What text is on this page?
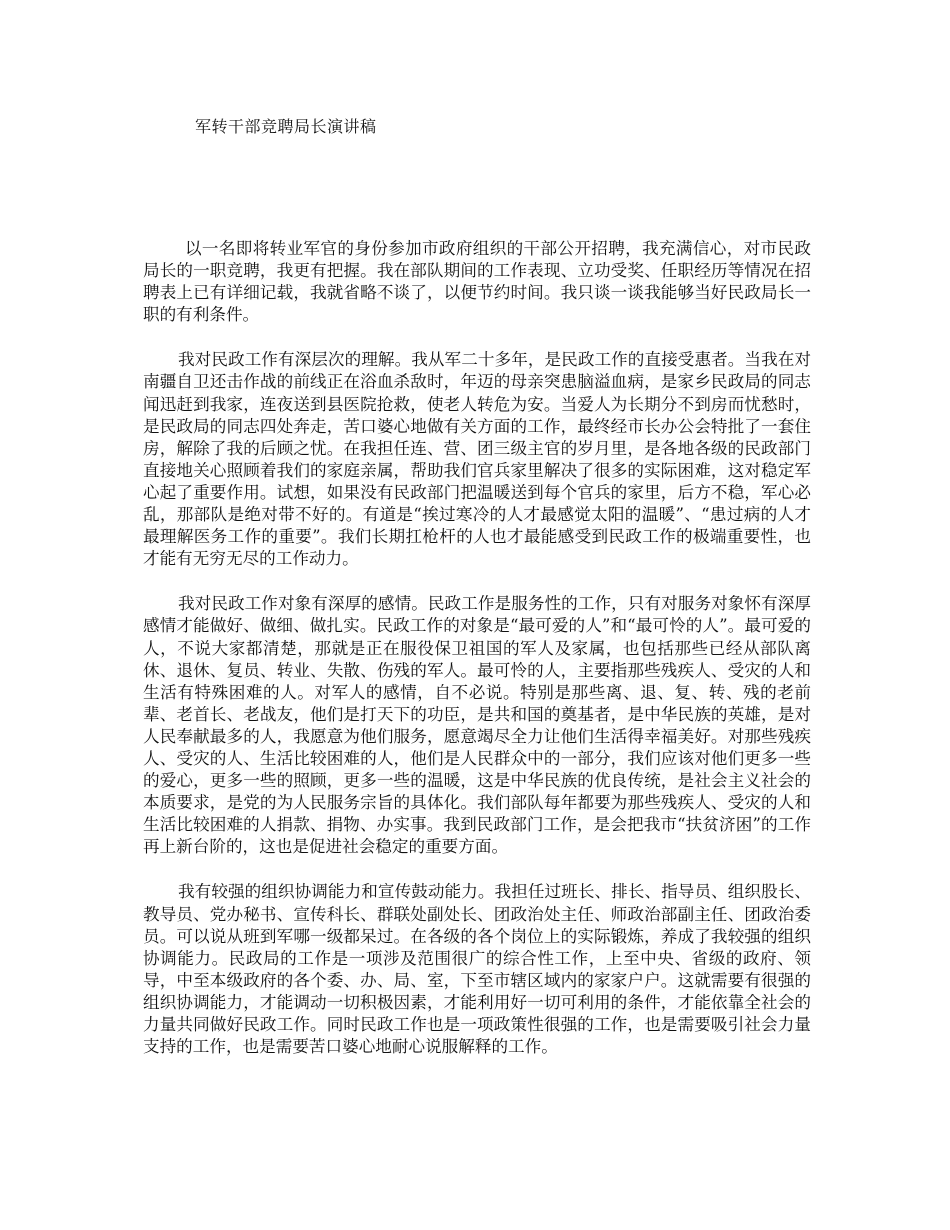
军转干部竞聘局长演讲稿

以一名即将转业军官的身份参加市政府组织的干部公开招聘，我充满信心，对市民政局长的一职竞聘，我更有把握。我在部队期间的工作表现、立功受奖、任职经历等情况在招聘表上已有详细记载，我就省略不谈了，以便节约时间。我只谈一谈我能够当好民政局长一职的有利条件。

我对民政工作有深层次的理解。我从军二十多年，是民政工作的直接受惠者。当我在对南疆自卫还击作战的前线正在浴血杀敌时，年迈的母亲突患脑溢血病，是家乡民政局的同志闻迅赶到我家，连夜送到县医院抢救，使老人转危为安。当爱人为长期分不到房而忧愁时，是民政局的同志四处奔走，苦口婆心地做有关方面的工作，最终经市长办公会特批了一套住房，解除了我的后顾之忧。在我担任连、营、团三级主官的岁月里，是各地各级的民政部门直接地关心照顾着我们的家庭亲属，帮助我们官兵家里解决了很多的实际困难，这对稳定军心起了重要作用。试想，如果没有民政部门把温暖送到每个官兵的家里，后方不稳，军心必乱，那部队是绝对带不好的。有道是“挨过寒冷的人才最感觉太阳的温暖”、“患过病的人才最理解医务工作的重要”。我们长期扛枪杆的人也才最能感受到民政工作的极端重要性，也才能有无穷无尽的工作动力。

我对民政工作对象有深厚的感情。民政工作是服务性的工作，只有对服务对象怀有深厚感情才能做好、做细、做扎实。民政工作的对象是“最可爱的人”和“最可怜的人”。最可爱的人，不说大家都清楚，那就是正在服役保卫祖国的军人及家属，也包括那些已经从部队离休、退休、复员、转业、失散、伤残的军人。最可怜的人，主要指那些残疾人、受灾的人和生活有特殊困难的人。对军人的感情，自不必说。特别是那些离、退、复、转、残的老前辈、老首长、老战友，他们是打天下的功臣，是共和国的奠基者，是中华民族的英雄，是对人民奉献最多的人，我愿意为他们服务，愿意竭尽全力让他们生活得幸福美好。对那些残疾人、受灾的人、生活比较困难的人，他们是人民群众中的一部分，我们应该对他们更多一些的爱心，更多一些的照顾，更多一些的温暖，这是中华民族的优良传统，是社会主义社会的本质要求，是党的为人民服务宗旨的具体化。我们部队每年都要为那些残疾人、受灾的人和生活比较困难的人捐款、捐物、办实事。我到民政部门工作，是会把我市“扶贫济困”的工作再上新台阶的，这也是促进社会稳定的重要方面。

我有较强的组织协调能力和宣传鼓动能力。我担任过班长、排长、指导员、组织股长、教导员、党办秘书、宣传科长、群联处副处长、团政治处主任、师政治部副主任、团政治委员。可以说从班到军哪一级都呆过。在各级的各个岗位上的实际锻炼，养成了我较强的组织协调能力。民政局的工作是一项涉及范围很广的综合性工作，上至中央、省级的政府、领导，中至本级政府的各个委、办、局、室，下至市辖区域内的家家户户。这就需要有很强的组织协调能力，才能调动一切积极因素，才能利用好一切可利用的条件，才能依靠全社会的力量共同做好民政工作。同时民政工作也是一项政策性很强的工作，也是需要吸引社会力量支持的工作，也是需要苦口婆心地耐心说服解释的工作。
